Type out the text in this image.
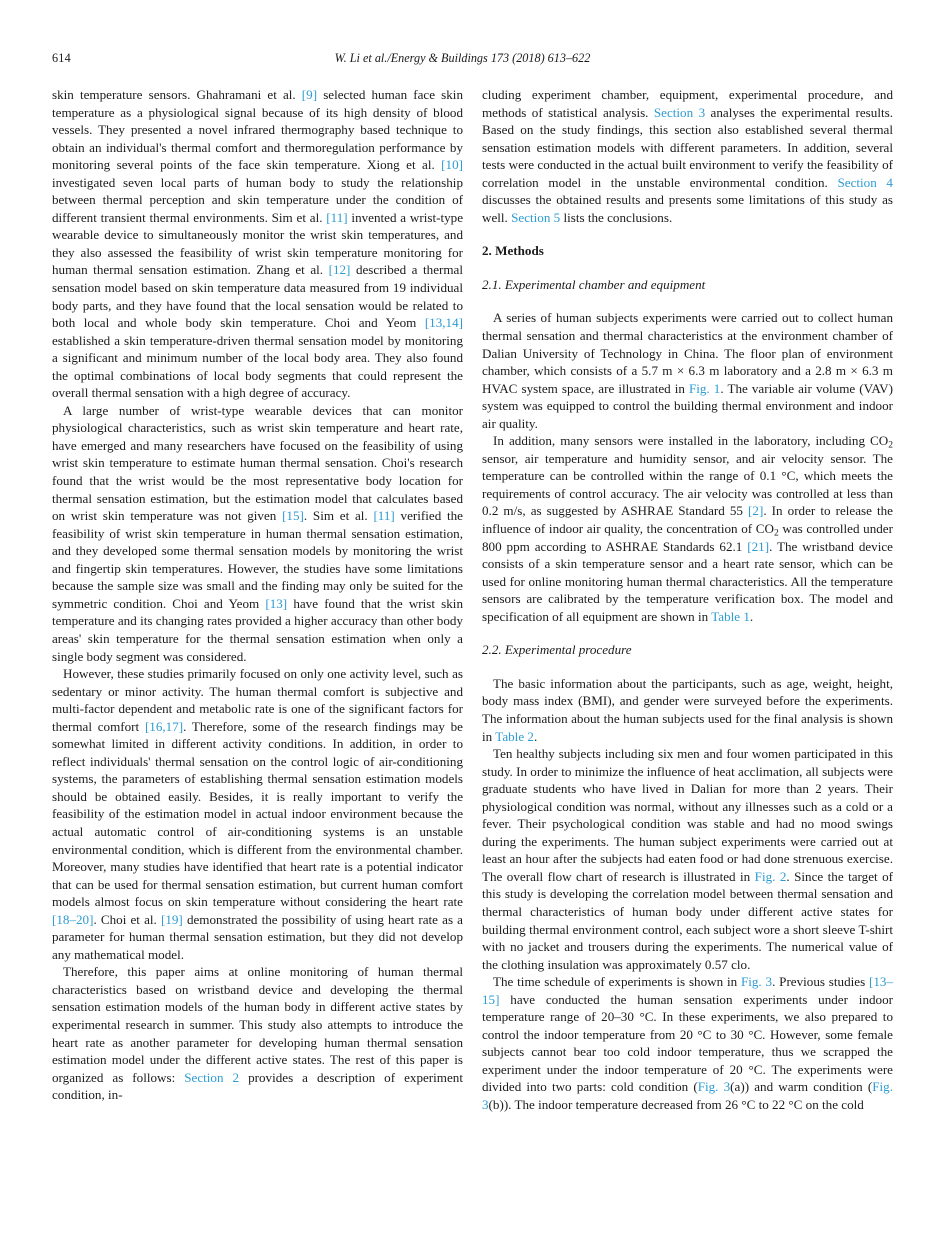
614	W. Li et al./Energy & Buildings 173 (2018) 613–622

skin temperature sensors. Ghahramani et al. [9] selected human face skin temperature as a physiological signal because of its high density of blood vessels. They presented a novel infrared thermography based technique to obtain an individual's thermal comfort and thermoregulation performance by monitoring several points of the face skin temperature. Xiong et al. [10] investigated seven local parts of human body to study the relationship between thermal perception and skin temperature under the condition of different transient thermal environments. Sim et al. [11] invented a wrist-type wearable device to simultaneously monitor the wrist skin temperatures, and they also assessed the feasibility of wrist skin temperature monitoring for human thermal sensation estimation. Zhang et al. [12] described a thermal sensation model based on skin temperature data measured from 19 individual body parts, and they have found that the local sensation would be related to both local and whole body skin temperature. Choi and Yeom [13,14] established a skin temperature-driven thermal sensation model by monitoring a significant and minimum number of the local body area. They also found the optimal combinations of local body segments that could represent the overall thermal sensation with a high degree of accuracy.

A large number of wrist-type wearable devices that can monitor physiological characteristics, such as wrist skin temperature and heart rate, have emerged and many researchers have focused on the feasibility of using wrist skin temperature to estimate human thermal sensation. Choi's research found that the wrist would be the most representative body location for thermal sensation estimation, but the estimation model that calculates based on wrist skin temperature was not given [15]. Sim et al. [11] verified the feasibility of wrist skin temperature in human thermal sensation estimation, and they developed some thermal sensation models by monitoring the wrist and fingertip skin temperatures. However, the studies have some limitations because the sample size was small and the finding may only be suited for the symmetric condition. Choi and Yeom [13] have found that the wrist skin temperature and its changing rates provided a higher accuracy than other body areas' skin temperature for the thermal sensation estimation when only a single body segment was considered.

However, these studies primarily focused on only one activity level, such as sedentary or minor activity. The human thermal comfort is subjective and multi-factor dependent and metabolic rate is one of the significant factors for thermal comfort [16,17]. Therefore, some of the research findings may be somewhat limited in different activity conditions. In addition, in order to reflect individuals' thermal sensation on the control logic of air-conditioning systems, the parameters of establishing thermal sensation estimation models should be obtained easily. Besides, it is really important to verify the feasibility of the estimation model in actual indoor environment because the actual automatic control of air-conditioning systems is an unstable environmental condition, which is different from the environmental chamber. Moreover, many studies have identified that heart rate is a potential indicator that can be used for thermal sensation estimation, but current human comfort models almost focus on skin temperature without considering the heart rate [18–20]. Choi et al. [19] demonstrated the possibility of using heart rate as a parameter for human thermal sensation estimation, but they did not develop any mathematical model.

Therefore, this paper aims at online monitoring of human thermal characteristics based on wristband device and developing the thermal sensation estimation models of the human body in different active states by experimental research in summer. This study also attempts to introduce the heart rate as another parameter for developing human thermal sensation estimation model under the different active states. The rest of this paper is organized as follows: Section 2 provides a description of experiment condition, in-

cluding experiment chamber, equipment, experimental procedure, and methods of statistical analysis. Section 3 analyses the experimental results. Based on the study findings, this section also established several thermal sensation estimation models with different parameters. In addition, several tests were conducted in the actual built environment to verify the feasibility of correlation model in the unstable environmental condition. Section 4 discusses the obtained results and presents some limitations of this study as well. Section 5 lists the conclusions.

2. Methods
2.1. Experimental chamber and equipment

A series of human subjects experiments were carried out to collect human thermal sensation and thermal characteristics at the environment chamber of Dalian University of Technology in China. The floor plan of environment chamber, which consists of a 5.7 m × 6.3 m laboratory and a 2.8 m × 6.3 m HVAC system space, are illustrated in Fig. 1. The variable air volume (VAV) system was equipped to control the building thermal environment and indoor air quality.

In addition, many sensors were installed in the laboratory, including $CO_2$ sensor, air temperature and humidity sensor, and air velocity sensor. The temperature can be controlled within the range of 0.1 °C, which meets the requirements of control accuracy. The air velocity was controlled at less than 0.2 m/s, as suggested by ASHRAE Standard 55 [2]. In order to release the influence of indoor air quality, the concentration of $CO_2$ was controlled under 800 ppm according to ASHRAE Standards 62.1 [21]. The wristband device consists of a skin temperature sensor and a heart rate sensor, which can be used for online monitoring human thermal characteristics. All the temperature sensors are calibrated by the temperature verification box. The model and specification of all equipment are shown in Table 1.

2.2. Experimental procedure

The basic information about the participants, such as age, weight, height, body mass index (BMI), and gender were surveyed before the experiments. The information about the human subjects used for the final analysis is shown in Table 2.

Ten healthy subjects including six men and four women participated in this study. In order to minimize the influence of heat acclimation, all subjects were graduate students who have lived in Dalian for more than 2 years. Their physiological condition was normal, without any illnesses such as a cold or a fever. Their psychological condition was stable and had no mood swings during the experiments. The human subject experiments were carried out at least an hour after the subjects had eaten food or had done strenuous exercise. The overall flow chart of research is illustrated in Fig. 2. Since the target of this study is developing the correlation model between thermal sensation and thermal characteristics of human body under different active states for building thermal environment control, each subject wore a short sleeve T-shirt with no jacket and trousers during the experiments. The numerical value of the clothing insulation was approximately 0.57 clo.

The time schedule of experiments is shown in Fig. 3. Previous studies [13–15] have conducted the human sensation experiments under indoor temperature range of 20–30 °C. In these experiments, we also prepared to control the indoor temperature from 20 °C to 30 °C. However, some female subjects cannot bear too cold indoor temperature, thus we scrapped the experiment under the indoor temperature of 20 °C. The experiments were divided into two parts: cold condition (Fig. 3(a)) and warm condition (Fig. 3(b)). The indoor temperature decreased from 26 °C to 22 °C on the cold
